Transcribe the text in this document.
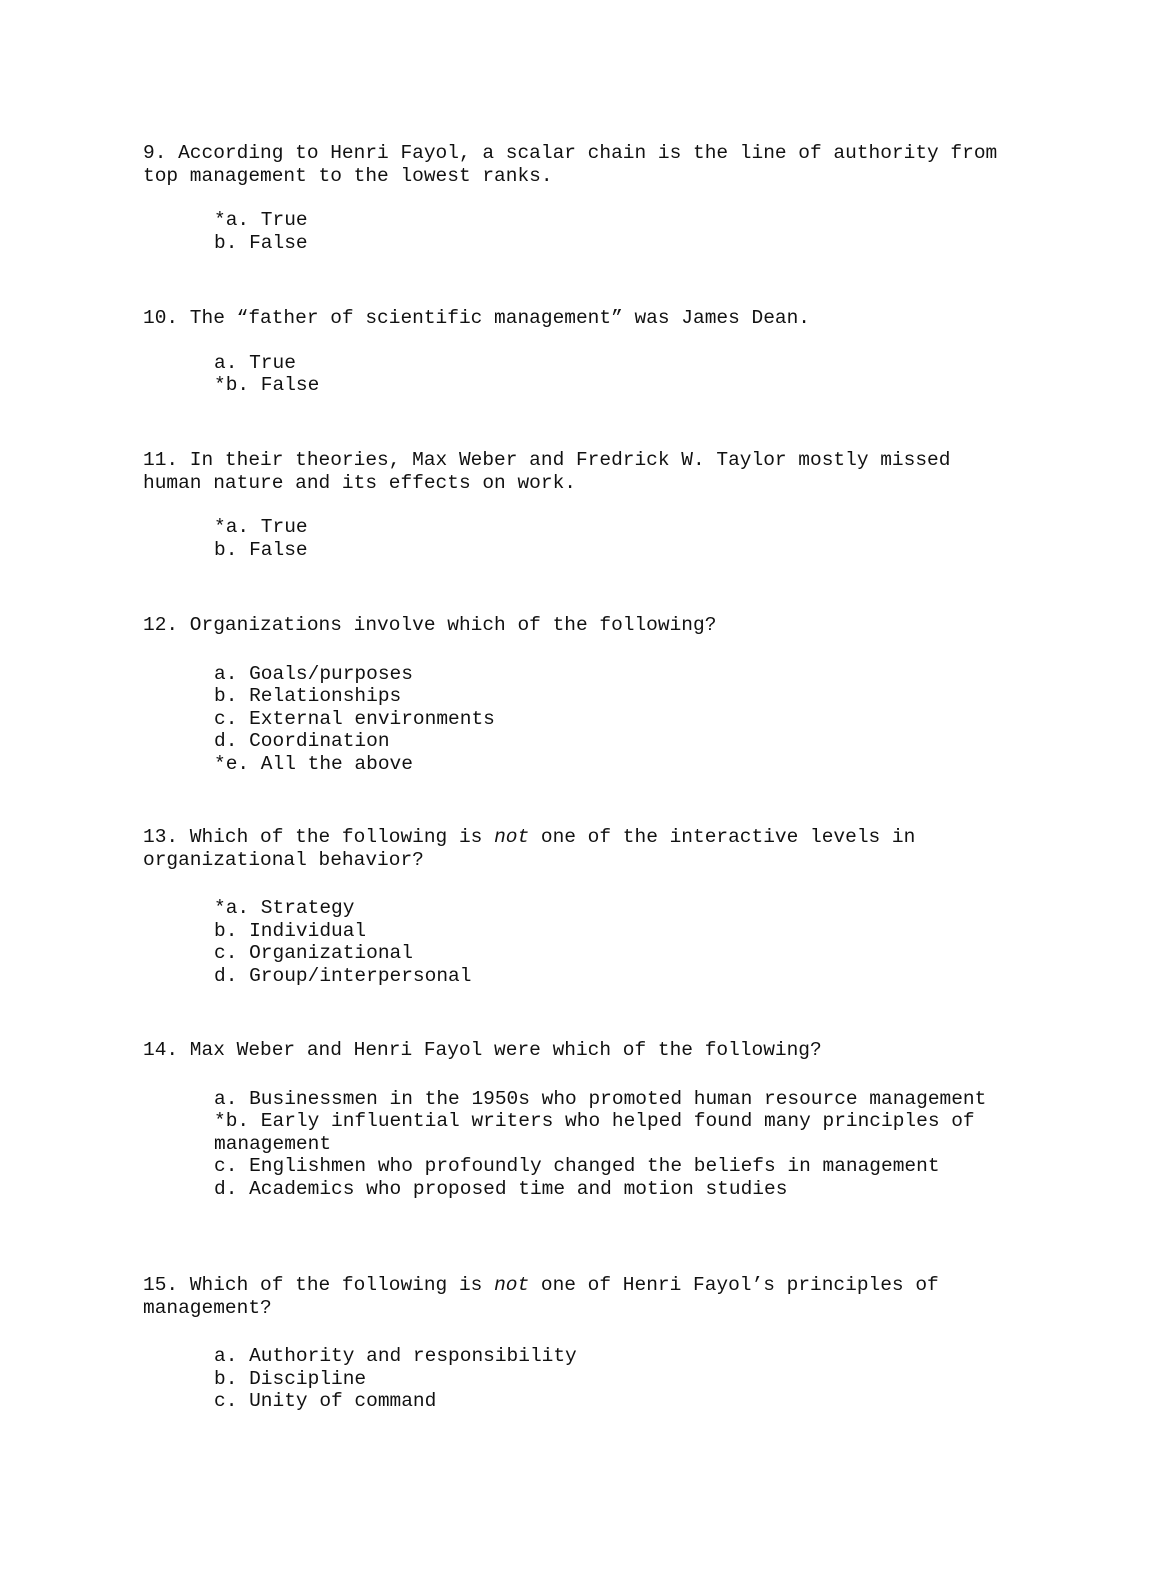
9. According to Henri Fayol, a scalar chain is the line of authority from top management to the lowest ranks.

*a. True
b. False

10. The “father of scientific management” was James Dean.

a. True
*b. False

11. In their theories, Max Weber and Fredrick W. Taylor mostly missed human nature and its effects on work.

*a. True
b. False

12. Organizations involve which of the following?

a. Goals/purposes
b. Relationships
c. External environments
d. Coordination
*e. All the above

13. Which of the following is not one of the interactive levels in organizational behavior?

*a. Strategy
b. Individual
c. Organizational
d. Group/interpersonal

14. Max Weber and Henri Fayol were which of the following?

a. Businessmen in the 1950s who promoted human resource management
*b. Early influential writers who helped found many principles of management
c. Englishmen who profoundly changed the beliefs in management
d. Academics who proposed time and motion studies

15. Which of the following is not one of Henri Fayol’s principles of management?

a. Authority and responsibility
b. Discipline
c. Unity of command
